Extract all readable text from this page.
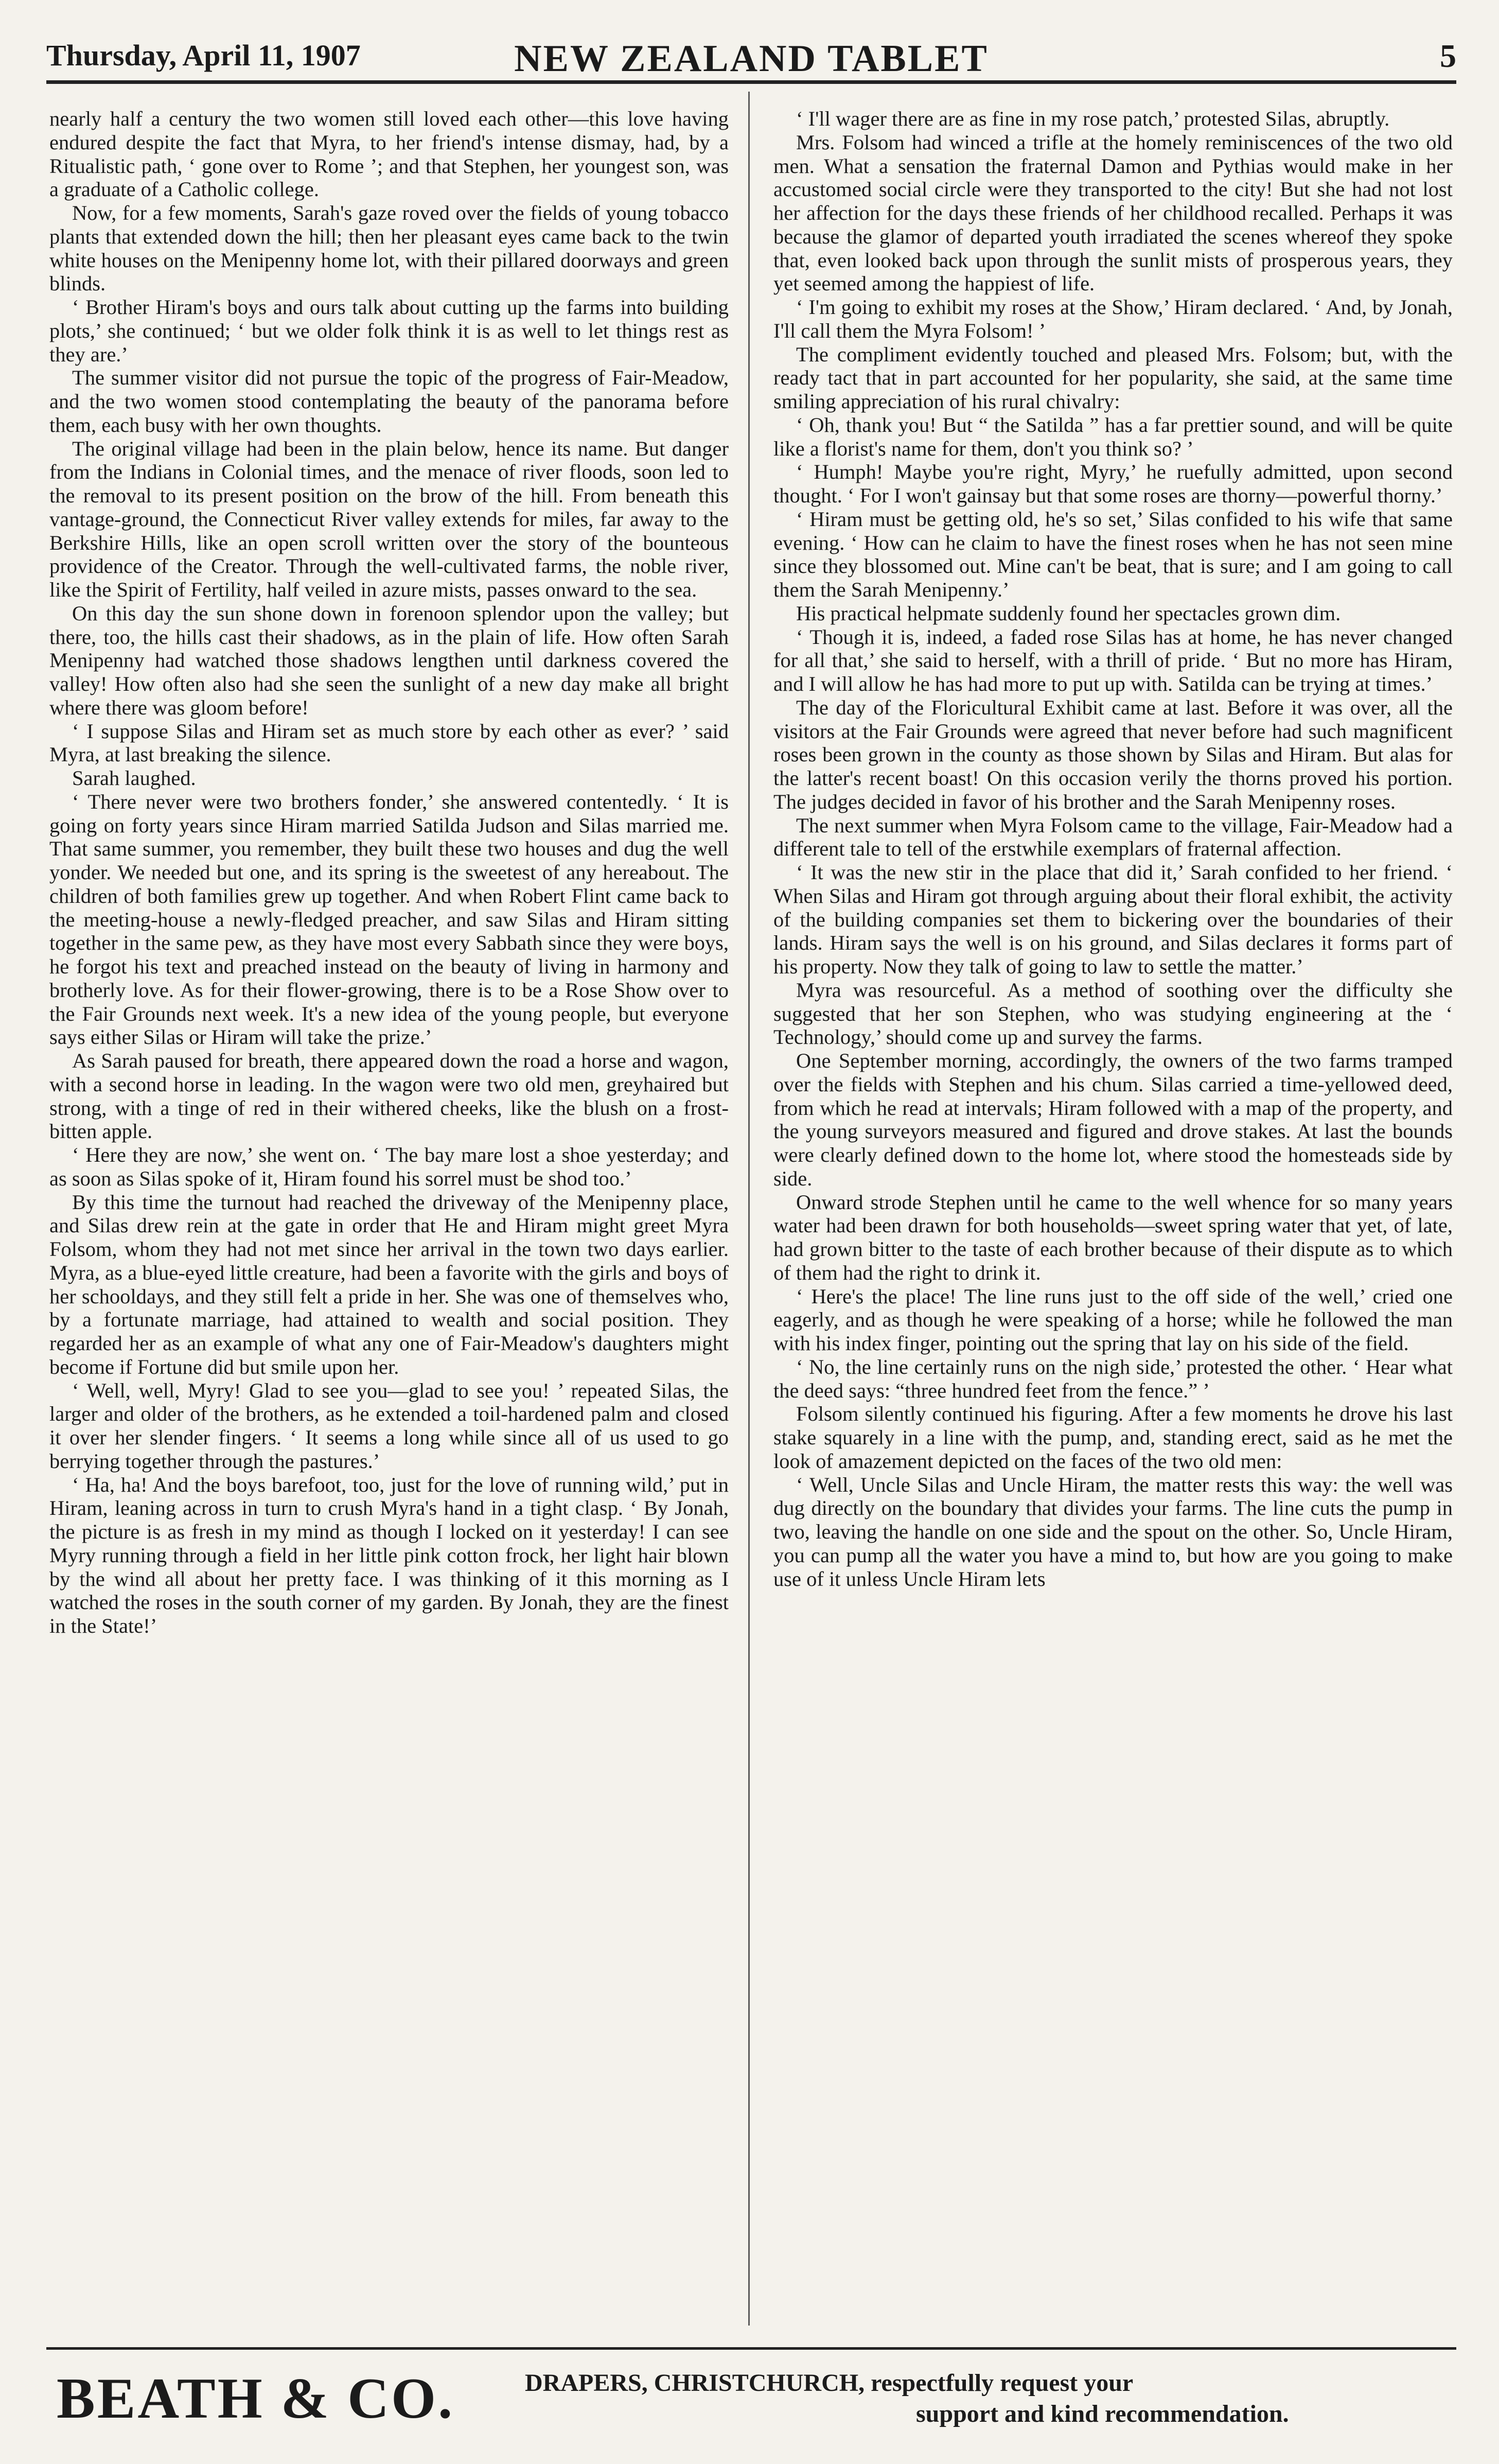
Thursday, April 11, 1907	NEW ZEALAND TABLET	5

nearly half a century the two women still loved each other—this love having endured despite the fact that Myra, to her friend's intense dismay, had, by a Ritualistic path, ‘ gone over to Rome ’; and that Stephen, her youngest son, was a graduate of a Catholic college.

Now, for a few moments, Sarah's gaze roved over the fields of young tobacco plants that extended down the hill; then her pleasant eyes came back to the twin white houses on the Menipenny home lot, with their pillared doorways and green blinds.

‘ Brother Hiram's boys and ours talk about cutting up the farms into building plots,’ she continued; ‘ but we older folk think it is as well to let things rest as they are.’

The summer visitor did not pursue the topic of the progress of Fair-Meadow, and the two women stood contemplating the beauty of the panorama before them, each busy with her own thoughts.

The original village had been in the plain below, hence its name. But danger from the Indians in Colonial times, and the menace of river floods, soon led to the removal to its present position on the brow of the hill. From beneath this vantage-ground, the Connecticut River valley extends for miles, far away to the Berkshire Hills, like an open scroll written over the story of the bounteous providence of the Creator. Through the well-cultivated farms, the noble river, like the Spirit of Fertility, half veiled in azure mists, passes onward to the sea.

On this day the sun shone down in forenoon splendor upon the valley; but there, too, the hills cast their shadows, as in the plain of life. How often Sarah Menipenny had watched those shadows lengthen until darkness covered the valley! How often also had she seen the sunlight of a new day make all bright where there was gloom before!

‘ I suppose Silas and Hiram set as much store by each other as ever? ’ said Myra, at last breaking the silence.

Sarah laughed.

‘ There never were two brothers fonder,’ she answered contentedly. ‘ It is going on forty years since Hiram married Satilda Judson and Silas married me. That same summer, you remember, they built these two houses and dug the well yonder. We needed but one, and its spring is the sweetest of any hereabout. The children of both families grew up together. And when Robert Flint came back to the meeting-house a newly-fledged preacher, and saw Silas and Hiram sitting together in the same pew, as they have most every Sabbath since they were boys, he forgot his text and preached instead on the beauty of living in harmony and brotherly love. As for their flower-growing, there is to be a Rose Show over to the Fair Grounds next week. It's a new idea of the young people, but everyone says either Silas or Hiram will take the prize.’

As Sarah paused for breath, there appeared down the road a horse and wagon, with a second horse in leading. In the wagon were two old men, greyhaired but strong, with a tinge of red in their withered cheeks, like the blush on a frost-bitten apple.

‘ Here they are now,’ she went on. ‘ The bay mare lost a shoe yesterday; and as soon as Silas spoke of it, Hiram found his sorrel must be shod too.’

By this time the turnout had reached the driveway of the Menipenny place, and Silas drew rein at the gate in order that He and Hiram might greet Myra Folsom, whom they had not met since her arrival in the town two days earlier. Myra, as a blue-eyed little creature, had been a favorite with the girls and boys of her schooldays, and they still felt a pride in her. She was one of themselves who, by a fortunate marriage, had attained to wealth and social position. They regarded her as an example of what any one of Fair-Meadow's daughters might become if Fortune did but smile upon her.

‘ Well, well, Myry! Glad to see you—glad to see you! ’ repeated Silas, the larger and older of the brothers, as he extended a toil-hardened palm and closed it over her slender fingers. ‘ It seems a long while since all of us used to go berrying together through the pastures.’

‘ Ha, ha! And the boys barefoot, too, just for the love of running wild,’ put in Hiram, leaning across in turn to crush Myra's hand in a tight clasp. ‘ By Jonah, the picture is as fresh in my mind as though I locked on it yesterday! I can see Myry running through a field in her little pink cotton frock, her light hair blown by the wind all about her pretty face. I was thinking of it this morning as I watched the roses in the south corner of my garden. By Jonah, they are the finest in the State!’

‘ I'll wager there are as fine in my rose patch,’ protested Silas, abruptly.

Mrs. Folsom had winced a trifle at the homely reminiscences of the two old men. What a sensation the fraternal Damon and Pythias would make in her accustomed social circle were they transported to the city! But she had not lost her affection for the days these friends of her childhood recalled. Perhaps it was because the glamor of departed youth irradiated the scenes whereof they spoke that, even looked back upon through the sunlit mists of prosperous years, they yet seemed among the happiest of life.

‘ I'm going to exhibit my roses at the Show,’ Hiram declared. ‘ And, by Jonah, I'll call them the Myra Folsom! ’

The compliment evidently touched and pleased Mrs. Folsom; but, with the ready tact that in part accounted for her popularity, she said, at the same time smiling appreciation of his rural chivalry:

‘ Oh, thank you! But “ the Satilda ” has a far prettier sound, and will be quite like a florist's name for them, don't you think so? ’

‘ Humph! Maybe you're right, Myry,’ he ruefully admitted, upon second thought. ‘ For I won't gainsay but that some roses are thorny—powerful thorny.’

‘ Hiram must be getting old, he's so set,’ Silas confided to his wife that same evening. ‘ How can he claim to have the finest roses when he has not seen mine since they blossomed out. Mine can't be beat, that is sure; and I am going to call them the Sarah Menipenny.’

His practical helpmate suddenly found her spectacles grown dim.

‘ Though it is, indeed, a faded rose Silas has at home, he has never changed for all that,’ she said to herself, with a thrill of pride. ‘ But no more has Hiram, and I will allow he has had more to put up with. Satilda can be trying at times.’

The day of the Floricultural Exhibit came at last. Before it was over, all the visitors at the Fair Grounds were agreed that never before had such magnificent roses been grown in the county as those shown by Silas and Hiram. But alas for the latter's recent boast! On this occasion verily the thorns proved his portion. The judges decided in favor of his brother and the Sarah Menipenny roses.

The next summer when Myra Folsom came to the village, Fair-Meadow had a different tale to tell of the erstwhile exemplars of fraternal affection.

‘ It was the new stir in the place that did it,’ Sarah confided to her friend. ‘ When Silas and Hiram got through arguing about their floral exhibit, the activity of the building companies set them to bickering over the boundaries of their lands. Hiram says the well is on his ground, and Silas declares it forms part of his property. Now they talk of going to law to settle the matter.’

Myra was resourceful. As a method of soothing over the difficulty she suggested that her son Stephen, who was studying engineering at the ‘ Technology,’ should come up and survey the farms.

One September morning, accordingly, the owners of the two farms tramped over the fields with Stephen and his chum. Silas carried a time-yellowed deed, from which he read at intervals; Hiram followed with a map of the property, and the young surveyors measured and figured and drove stakes. At last the bounds were clearly defined down to the home lot, where stood the homesteads side by side.

Onward strode Stephen until he came to the well whence for so many years water had been drawn for both households—sweet spring water that yet, of late, had grown bitter to the taste of each brother because of their dispute as to which of them had the right to drink it.

‘ Here's the place! The line runs just to the off side of the well,’ cried one eagerly, and as though he were speaking of a horse; while he followed the man with his index finger, pointing out the spring that lay on his side of the field.

‘ No, the line certainly runs on the nigh side,’ protested the other. ‘ Hear what the deed says: “three hundred feet from the fence.” ’

Folsom silently continued his figuring. After a few moments he drove his last stake squarely in a line with the pump, and, standing erect, said as he met the look of amazement depicted on the faces of the two old men:

‘ Well, Uncle Silas and Uncle Hiram, the matter rests this way: the well was dug directly on the boundary that divides your farms. The line cuts the pump in two, leaving the handle on one side and the spout on the other. So, Uncle Hiram, you can pump all the water you have a mind to, but how are you going to make use of it unless Uncle Hiram lets

BEATH & CO.	DRAPERS, CHRISTCHURCH, respectfully request your
support and kind recommendation.
